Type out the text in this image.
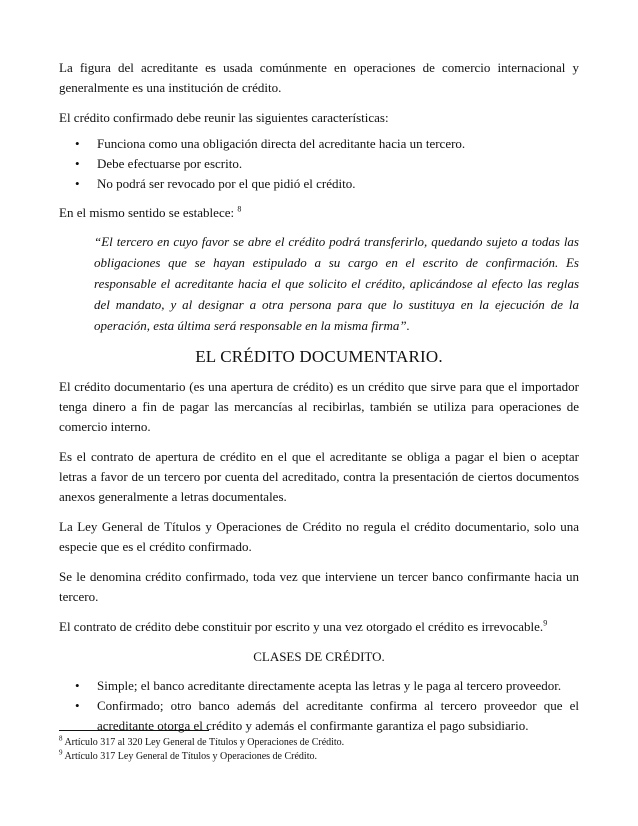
La figura del acreditante es usada comúnmente en operaciones de comercio internacional y generalmente es una institución de crédito.

El crédito confirmado debe reunir las siguientes características:

• Funciona como una obligación directa del acreditante hacia un tercero.
• Debe efectuarse por escrito.
• No podrá ser revocado por el que pidió el crédito.

En el mismo sentido se establece: $^8$

“El tercero en cuyo favor se abre el crédito podrá transferirlo, quedando sujeto a todas las obligaciones que se hayan estipulado a su cargo en el escrito de confirmación. Es responsable el acreditante hacia el que solicito el crédito, aplicándose al efecto las reglas del mandato, y al designar a otra persona para que lo sustituya en la ejecución de la operación, esta última será responsable en la misma firma”.

EL CRÉDITO DOCUMENTARIO.

El crédito documentario (es una apertura de crédito) es un crédito que sirve para que el importador tenga dinero a fin de pagar las mercancías al recibirlas, también se utiliza para operaciones de comercio interno.

Es el contrato de apertura de crédito en el que el acreditante se obliga a pagar el bien o aceptar letras a favor de un tercero por cuenta del acreditado, contra la presentación de ciertos documentos anexos generalmente a letras documentales.

La Ley General de Títulos y Operaciones de Crédito no regula el crédito documentario, solo una especie que es el crédito confirmado.

Se le denomina crédito confirmado, toda vez que interviene un tercer banco confirmante hacia un tercero.

El contrato de crédito debe constituir por escrito y una vez otorgado el crédito es irrevocable.$^9$

CLASES DE CRÉDITO.

• Simple; el banco acreditante directamente acepta las letras y le paga al tercero proveedor.
• Confirmado; otro banco además del acreditante confirma al tercero proveedor que el acreditante otorga el crédito y además el confirmante garantiza el pago subsidiario.

$^8$ Artículo 317 al 320 Ley General de Títulos y Operaciones de Crédito.

$^9$ Artículo 317 Ley General de Títulos y Operaciones de Crédito.
